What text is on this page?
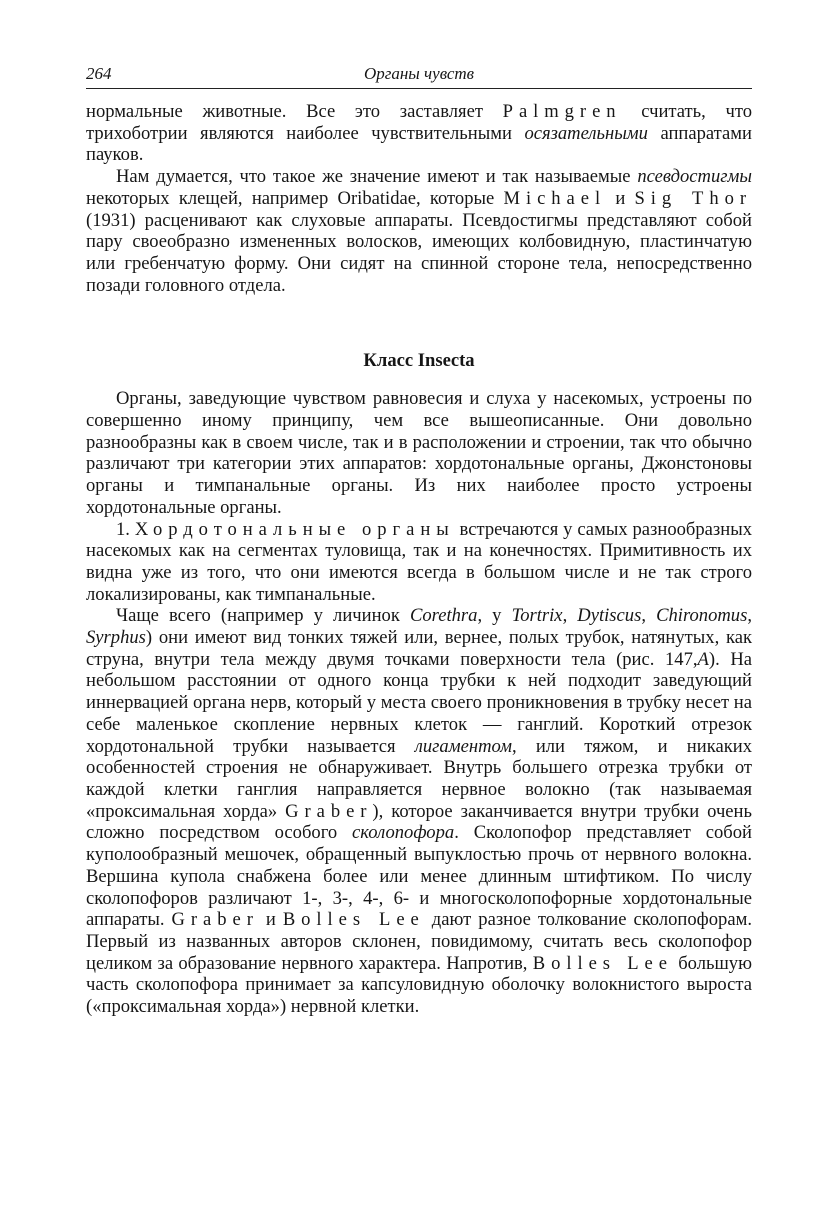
264	Органы чувств

нормальные животные. Все это заставляет Palmgren считать, что трихоботрии являются наиболее чувствительными осязательными аппаратами пауков.

Нам думается, что такое же значение имеют и так называемые псевдостигмы некоторых клещей, например Oribatidae, которые Michael и Sig Thor (1931) расценивают как слуховые аппараты. Псевдостигмы представляют собой пару своеобразно измененных волосков, имеющих колбовидную, пластинчатую или гребенчатую форму. Они сидят на спинной стороне тела, непосредственно позади головного отдела.

Класс Insecta

Органы, заведующие чувством равновесия и слуха у насекомых, устроены по совершенно иному принципу, чем все вышеописанные. Они довольно разнообразны как в своем числе, так и в расположении и строении, так что обычно различают три категории этих аппаратов: хордотональные органы, Джонстоновы органы и тимпанальные органы. Из них наиболее просто устроены хордотональные органы.

1. Хордотональные органы встречаются у самых разнообразных насекомых как на сегментах туловища, так и на конечностях. Примитивность их видна уже из того, что они имеются всегда в большом числе и не так строго локализированы, как тимпанальные.

Чаще всего (например у личинок Corethra, у Tortrix, Dytiscus, Chironomus, Syrphus) они имеют вид тонких тяжей или, вернее, полых трубок, натянутых, как струна, внутри тела между двумя точками поверхности тела (рис. 147,A). На небольшом расстоянии от одного конца трубки к ней подходит заведующий иннервацией органа нерв, который у места своего проникновения в трубку несет на себе маленькое скопление нервных клеток — ганглий. Короткий отрезок хордотональной трубки называется лигаментом, или тяжом, и никаких особенностей строения не обнаруживает. Внутрь большего отрезка трубки от каждой клетки ганглия направляется нервное волокно (так называемая «проксимальная хорда» Graber), которое заканчивается внутри трубки очень сложно посредством особого сколопофора. Сколопофор представляет собой куполообразный мешочек, обращенный выпуклостью прочь от нервного волокна. Вершина купола снабжена более или менее длинным штифтиком. По числу сколопофоров различают 1-, 3-, 4-, 6- и многосколопофорные хордотональные аппараты. Graber и Bolles Lee дают разное толкование сколопофорам. Первый из названных авторов склонен, повидимому, считать весь сколопофор целиком за образование нервного характера. Напротив, Bolles Lee большую часть сколопофора принимает за капсуловидную оболочку волокнистого выроста («проксимальная хорда») нервной клетки.
